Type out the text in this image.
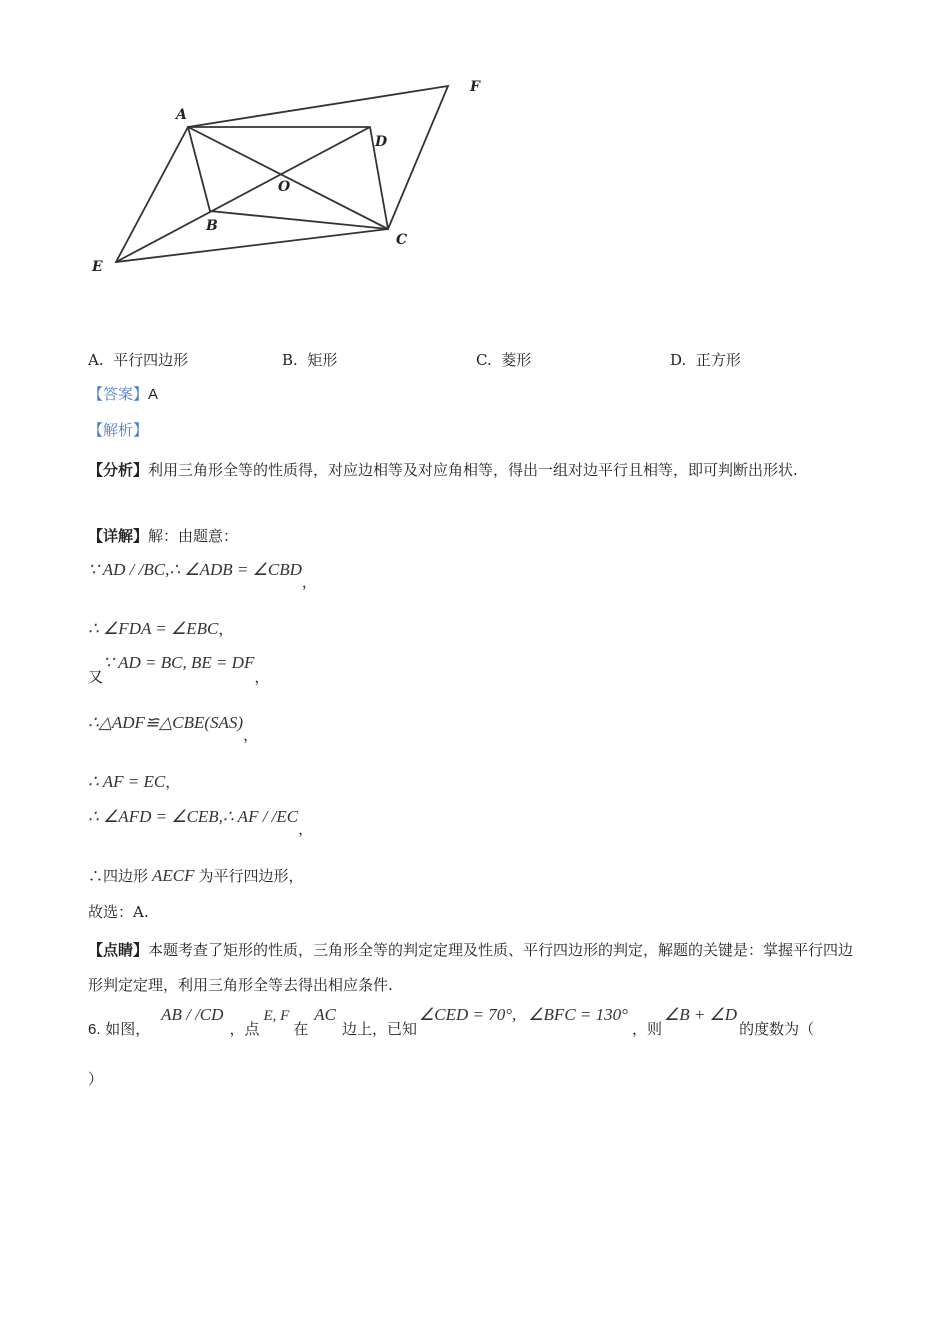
A
F
D
O
B
C
E
A. 平行四边形	B. 矩形	C. 菱形	D. 正方形
【答案】A
【解析】
【分析】利用三角形全等的性质得，对应边相等及对应角相等，得出一组对边平行且相等，即可判断出形状.
【详解】解：由题意：
∵ AD / /BC,∴ ∠ADB = ∠CBD，
∴ ∠FDA = ∠EBC，
又∵ AD = BC, BE = DF，
∴△ADF≌△CBE(SAS)，
∴ AF = EC，
∴ ∠AFD = ∠CEB,∴ AF / /EC，
∴四边形 AECF 为平行四边形，
故选：A.
【点睛】本题考查了矩形的性质，三角形全等的判定定理及性质、平行四边形的判定，解题的关键是：掌握平行四边形判定定理，利用三角形全等去得出相应条件.
6. 如图， AB / /CD，点E, F在AC边上，已知∠CED = 70°, ∠BFC = 130°，则∠B + ∠D的度数为（
）
